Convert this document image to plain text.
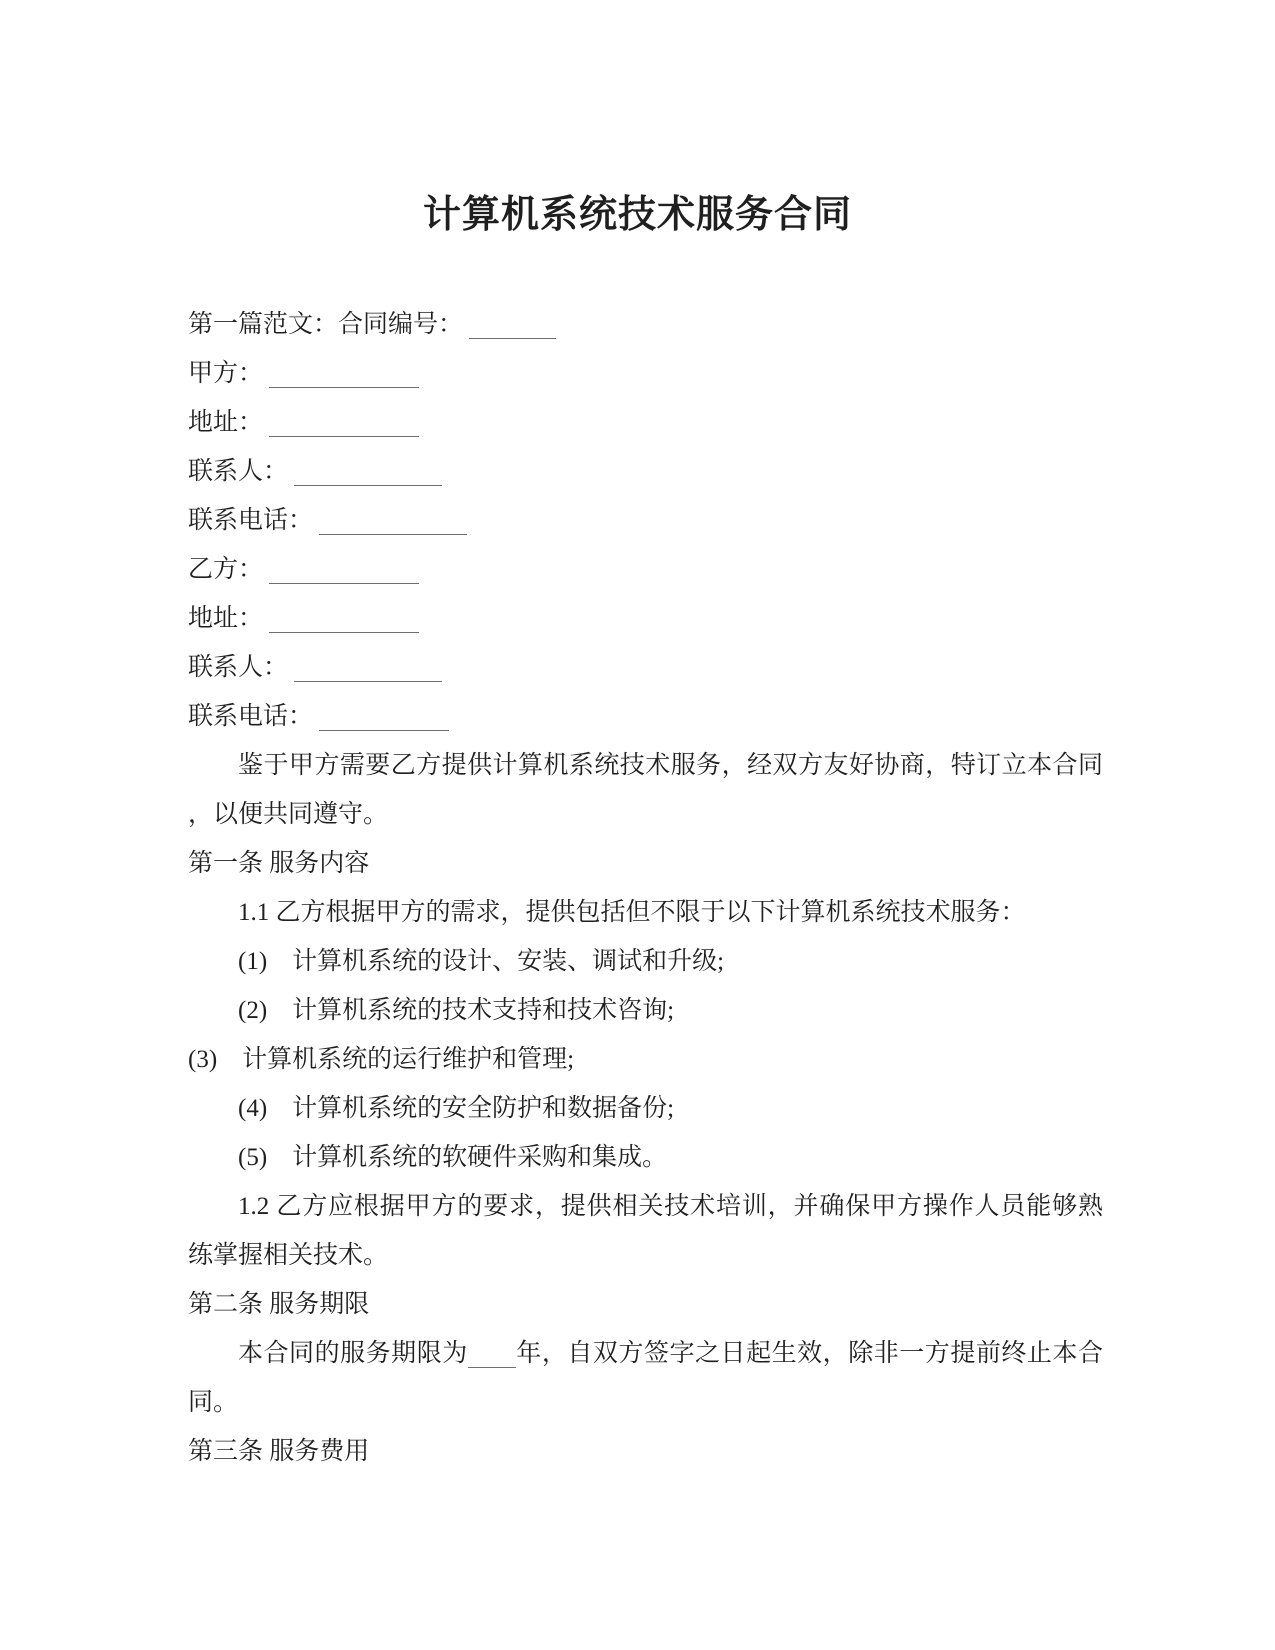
计算机系统技术服务合同
第一篇范文：合同编号：
甲方：
地址：
联系人：
联系电话：
乙方：
地址：
联系人：
联系电话：
鉴于甲方需要乙方提供计算机系统技术服务，经双方友好协商，特订立本合同
，以便共同遵守。
第一条 服务内容
1.1 乙方根据甲方的需求，提供包括但不限于以下计算机系统技术服务：
(1)　计算机系统的设计、安装、调试和升级;
(2)　计算机系统的技术支持和技术咨询;
(3)　计算机系统的运行维护和管理;
(4)　计算机系统的安全防护和数据备份;
(5)　计算机系统的软硬件采购和集成。
1.2 乙方应根据甲方的要求，提供相关技术培训，并确保甲方操作人员能够熟
练掌握相关技术。
第二条 服务期限
本合同的服务期限为 年，自双方签字之日起生效，除非一方提前终止本合
同。
第三条 服务费用
